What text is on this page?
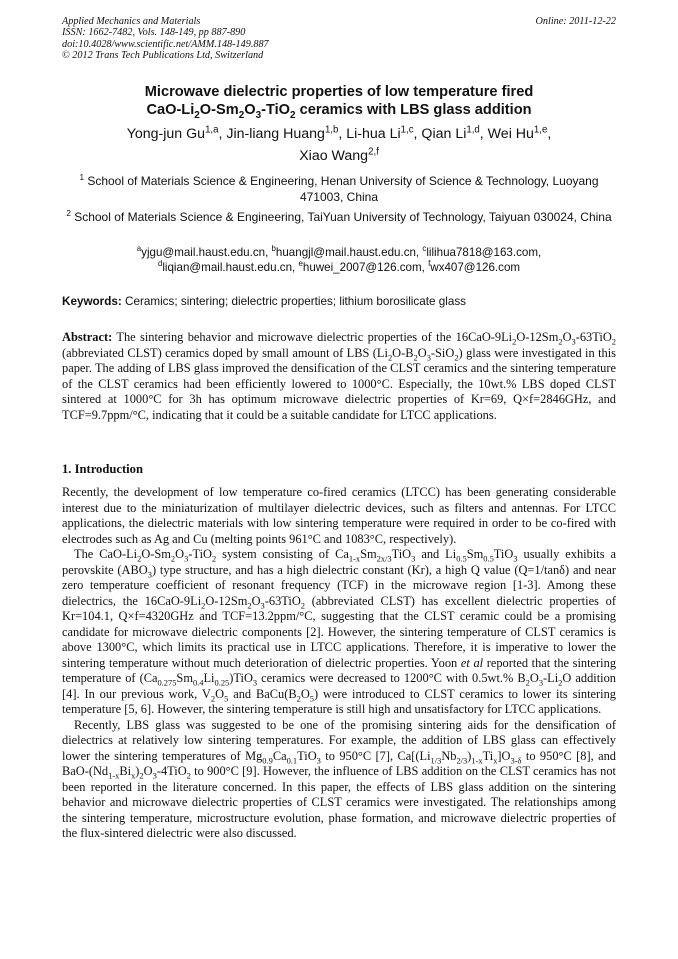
Applied Mechanics and Materials
ISSN: 1662-7482, Vols. 148-149, pp 887-890
doi:10.4028/www.scientific.net/AMM.148-149.887
© 2012 Trans Tech Publications Ltd, Switzerland
Online: 2011-12-22
Microwave dielectric properties of low temperature fired
CaO-$Li_2O-Sm_2O_3-TiO_2$ ceramics with LBS glass addition
Yong-jun Gu$^{1,a}$, Jin-liang Huang$^{1,b}$, Li-hua Li$^{1,c}$, Qian Li$^{1,d}$, Wei Hu$^{1,e}$,
Xiao Wang$^{2,f}$
$^1$ School of Materials Science & Engineering, Henan University of Science & Technology, Luoyang 471003, China
$^2$ School of Materials Science & Engineering, TaiYuan University of Technology, Taiyuan 030024, China
$^a$yjgu@mail.haust.edu.cn, $^b$huangjl@mail.haust.edu.cn, $^c$lilihua7818@163.com,
$^d$liqian@mail.haust.edu.cn, $^e$huwei_2007@126.com, $^f$wx407@126.com
Keywords: Ceramics; sintering; dielectric properties; lithium borosilicate glass
Abstract: The sintering behavior and microwave dielectric properties of the $16CaO-9Li_2O-12Sm_2O_3-63TiO_2$ (abbreviated CLST) ceramics doped by small amount of LBS $(Li_2O-B_2O_3-SiO_2)$ glass were investigated in this paper. The adding of LBS glass improved the densification of the CLST ceramics and the sintering temperature of the CLST ceramics had been efficiently lowered to 1000°C. Especially, the 10wt.% LBS doped CLST sintered at 1000°C for 3h has optimum microwave dielectric properties of Kr=69, Q×f=2846GHz, and TCF=9.7ppm/°C, indicating that it could be a suitable candidate for LTCC applications.
1. Introduction

Recently, the development of low temperature co-fired ceramics (LTCC) has been generating considerable interest due to the miniaturization of multilayer dielectric devices, such as filters and antennas. For LTCC applications, the dielectric materials with low sintering temperature were required in order to be co-fired with electrodes such as Ag and Cu (melting points 961°C and 1083°C, respectively).

The CaO-$Li_2O-Sm_2O_3-TiO_2$ system consisting of $Ca_{1-x}Sm_{2x/3}TiO_3$ and $Li_{0.5}Sm_{0.5}TiO_3$ usually exhibits a perovskite $(ABO_3)$ type structure, and has a high dielectric constant (Kr), a high Q value (Q=1/tanδ) and near zero temperature coefficient of resonant frequency (TCF) in the microwave region [1-3]. Among these dielectrics, the $16CaO-9Li_2O-12Sm_2O_3-63TiO_2$ (abbreviated CLST) has excellent dielectric properties of Kr=104.1, Q×f=4320GHz and TCF=13.2ppm/°C, suggesting that the CLST ceramic could be a promising candidate for microwave dielectric components [2]. However, the sintering temperature of CLST ceramics is above 1300°C, which limits its practical use in LTCC applications. Therefore, it is imperative to lower the sintering temperature without much deterioration of dielectric properties. Yoon et al reported that the sintering temperature of $(Ca_{0.275}Sm_{0.4}Li_{0.25})TiO_3$ ceramics were decreased to 1200°C with 0.5wt.% $B_2O_3-Li_2O$ addition [4]. In our previous work, $V_2O_5$ and $BaCu(B_2O_5)$ were introduced to CLST ceramics to lower its sintering temperature [5, 6]. However, the sintering temperature is still high and unsatisfactory for LTCC applications.

Recently, LBS glass was suggested to be one of the promising sintering aids for the densification of dielectrics at relatively low sintering temperatures. For example, the addition of LBS glass can effectively lower the sintering temperatures of $Mg_{0.9}Ca_{0.1}TiO_3$ to 950°C [7], $Ca[(Li_{1/3}Nb_{2/3})_{1-x}Ti_x]O_{3-\delta}$ to 950°C [8], and BaO-$(Nd_{1-x}Bi_x)_2O_3-4TiO_2$ to 900°C [9]. However, the influence of LBS addition on the CLST ceramics has not been reported in the literature concerned. In this paper, the effects of LBS glass addition on the sintering behavior and microwave dielectric properties of CLST ceramics were investigated. The relationships among the sintering temperature, microstructure evolution, phase formation, and microwave dielectric properties of the flux-sintered dielectric were also discussed.
